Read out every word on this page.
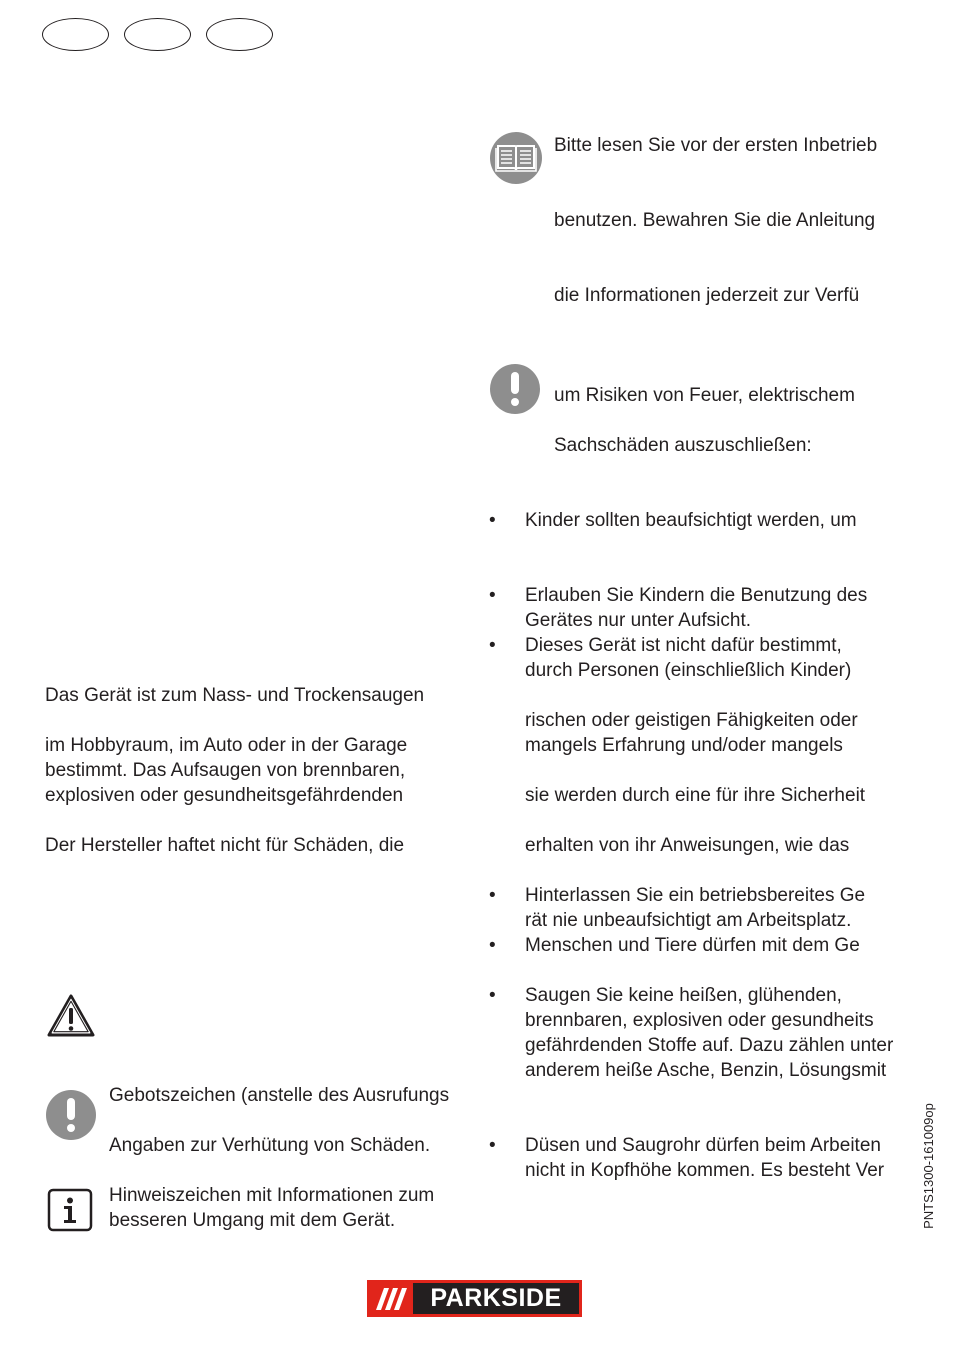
Bitte lesen Sie vor der ersten Inbetrieb
benutzen. Bewahren Sie die Anleitung
die Informationen jederzeit zur Verfü
um Risiken von Feuer, elektrischem
Sachschäden auszuschließen:
• Kinder sollten beaufsichtigt werden, um
• Erlauben Sie Kindern die Benutzung des
Gerätes nur unter Aufsicht.
• Dieses Gerät ist nicht dafür bestimmt,
durch Personen (einschließlich Kinder)
rischen oder geistigen Fähigkeiten oder
mangels Erfahrung und/oder mangels
sie werden durch eine für ihre Sicherheit
erhalten von ihr Anweisungen, wie das
• Hinterlassen Sie ein betriebsbereites Ge
rät nie unbeaufsichtigt am Arbeitsplatz.
• Menschen und Tiere dürfen mit dem Ge
• Saugen Sie keine heißen, glühenden,
brennbaren, explosiven oder gesundheits
gefährdenden Stoffe auf. Dazu zählen unter
anderem heiße Asche, Benzin, Lösungsmit
• Düsen und Saugrohr dürfen beim Arbeiten
nicht in Kopfhöhe kommen. Es besteht Ver
Das Gerät ist zum Nass- und Trockensaugen
im Hobbyraum, im Auto oder in der Garage
bestimmt. Das Aufsaugen von brennbaren,
explosiven oder gesundheitsgefährdenden
Der Hersteller haftet nicht für Schäden, die
Gebotszeichen (anstelle des Ausrufungs
Angaben zur Verhütung von Schäden.
Hinweiszeichen mit Informationen zum
besseren Umgang mit dem Gerät.	PNTS1300-161009op
PARKSIDE
